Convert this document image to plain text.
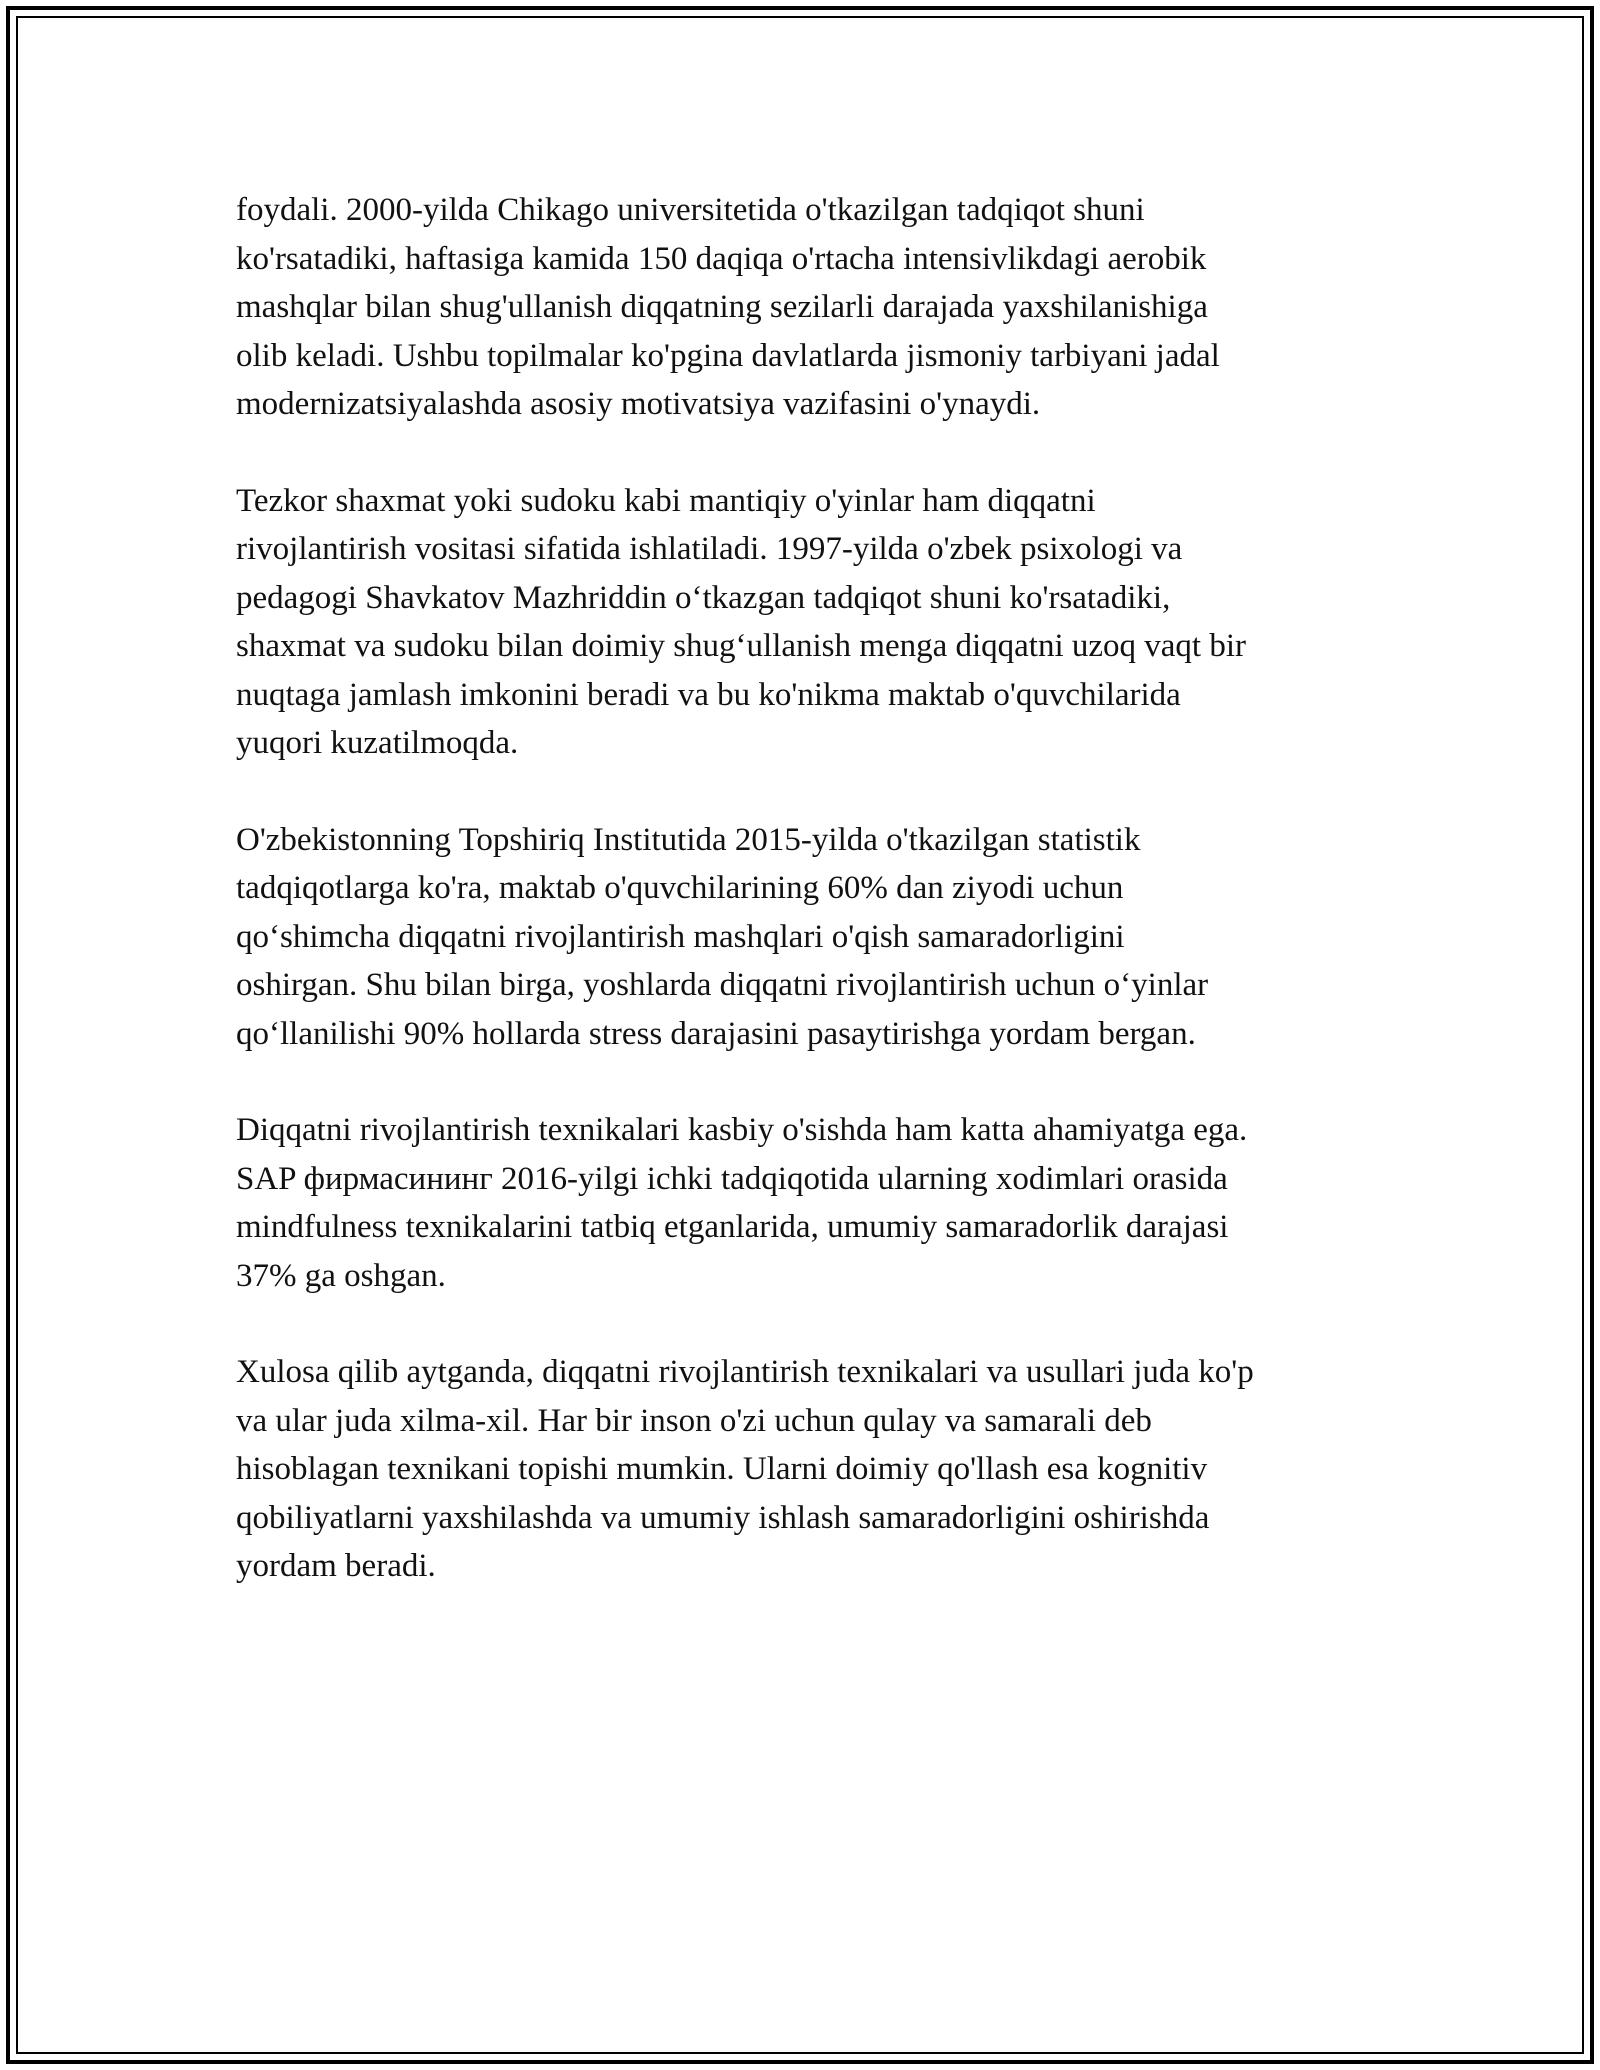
foydali. 2000-yilda Chikago universitetida o'tkazilgan tadqiqot shuni
ko'rsatadiki, haftasiga kamida 150 daqiqa o'rtacha intensivlikdagi aerobik
mashqlar bilan shug'ullanish diqqatning sezilarli darajada yaxshilanishiga
olib keladi. Ushbu topilmalar ko'pgina davlatlarda jismoniy tarbiyani jadal
modernizatsiyalashda asosiy motivatsiya vazifasini o'ynaydi.

Tezkor shaxmat yoki sudoku kabi mantiqiy o'yinlar ham diqqatni
rivojlantirish vositasi sifatida ishlatiladi. 1997-yilda o'zbek psixologi va
pedagogi Shavkatov Mazhriddin o‘tkazgan tadqiqot shuni ko'rsatadiki,
shaxmat va sudoku bilan doimiy shug‘ullanish menga diqqatni uzoq vaqt bir
nuqtaga jamlash imkonini beradi va bu ko'nikma maktab o'quvchilarida
yuqori kuzatilmoqda.

O'zbekistonning Topshiriq Institutida 2015-yilda o'tkazilgan statistik
tadqiqotlarga ko'ra, maktab o'quvchilarining 60% dan ziyodi uchun
qo‘shimcha diqqatni rivojlantirish mashqlari o'qish samaradorligini
oshirgan. Shu bilan birga, yoshlarda diqqatni rivojlantirish uchun o‘yinlar
qo‘llanilishi 90% hollarda stress darajasini pasaytirishga yordam bergan.

Diqqatni rivojlantirish texnikalari kasbiy o'sishda ham katta ahamiyatga ega.
SAP фирмасининг 2016-yilgi ichki tadqiqotida ularning xodimlari orasida
mindfulness texnikalarini tatbiq etganlarida, umumiy samaradorlik darajasi
37% ga oshgan.

Xulosa qilib aytganda, diqqatni rivojlantirish texnikalari va usullari juda ko'p
va ular juda xilma-xil. Har bir inson o'zi uchun qulay va samarali deb
hisoblagan texnikani topishi mumkin. Ularni doimiy qo'llash esa kognitiv
qobiliyatlarni yaxshilashda va umumiy ishlash samaradorligini oshirishda
yordam beradi.
